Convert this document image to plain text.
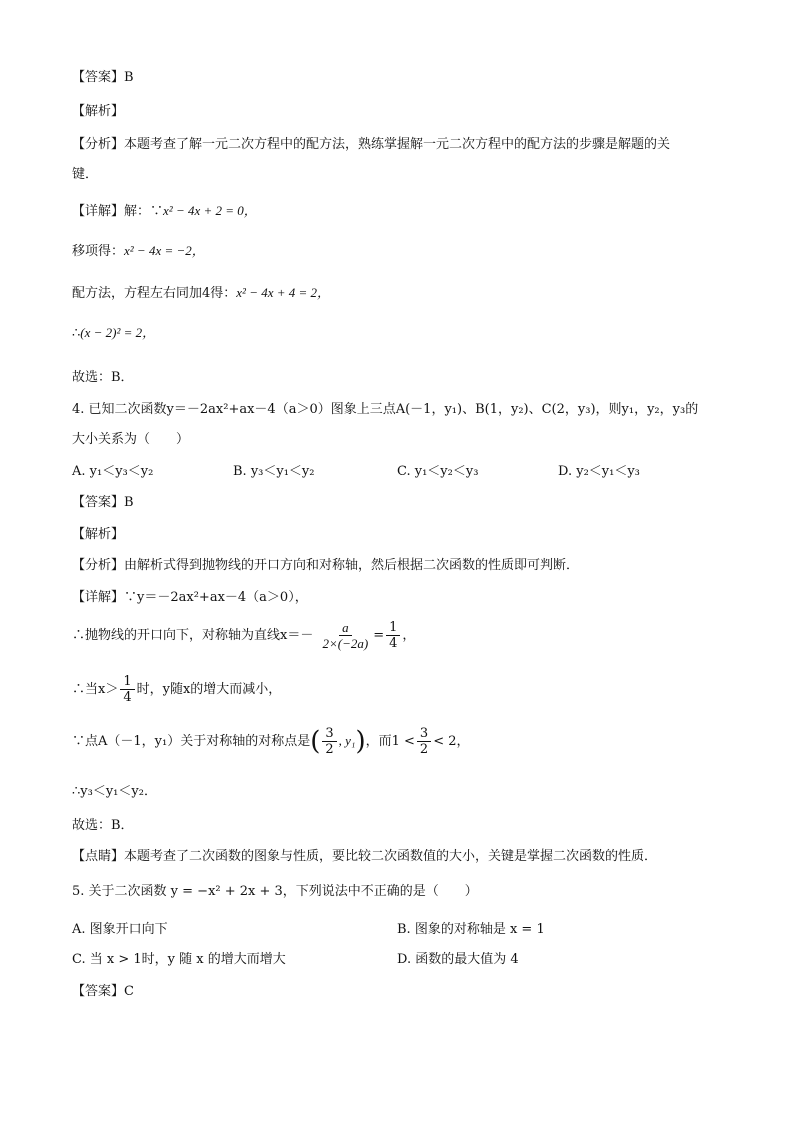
【答案】B
【解析】
【分析】本题考查了解一元二次方程中的配方法，熟练掌握解一元二次方程中的配方法的步骤是解题的关
键．
【详解】解：∵x² − 4x + 2 = 0，
移项得：x² − 4x = −2，
配方法，方程左右同加4得：x² − 4x + 4 = 2，
∴(x − 2)² = 2，
故选：B．
4. 已知二次函数y＝－2ax²+ax－4（a＞0）图象上三点A(－1，y₁)、B(1，y₂)、C(2，y₃)，则y₁，y₂，y₃的
大小关系为（　　）
A. y₁＜y₃＜y₂	B. y₃＜y₁＜y₂	C. y₁＜y₂＜y₃	D. y₂＜y₁＜y₃
【答案】B
【解析】
【分析】由解析式得到抛物线的开口方向和对称轴，然后根据二次函数的性质即可判断．
【详解】∵y＝－2ax²+ax－4（a＞0），
∴抛物线的开口向下，对称轴为直线$x=- \frac{a}{2\times(-2a)} = \frac{1}{4}$ ，
∴当$x> \frac{1}{4}$ 时，y随x的增大而减小，
∵点A（－1，y₁）关于对称轴的对称点是( $\frac{3}{2}$ , y₁)，而$1 < \frac{3}{2} < 2$，
∴y₃＜y₁＜y₂．
故选：B．
【点睛】本题考查了二次函数的图象与性质，要比较二次函数值的大小，关键是掌握二次函数的性质．
5. 关于二次函数 y = −x² + 2x + 3，下列说法中不正确的是（　　）
A. 图象开口向下	B. 图象的对称轴是 x = 1
C. 当 x > 1时，y 随 x 的增大而增大	D. 函数的最大值为 4
【答案】C
